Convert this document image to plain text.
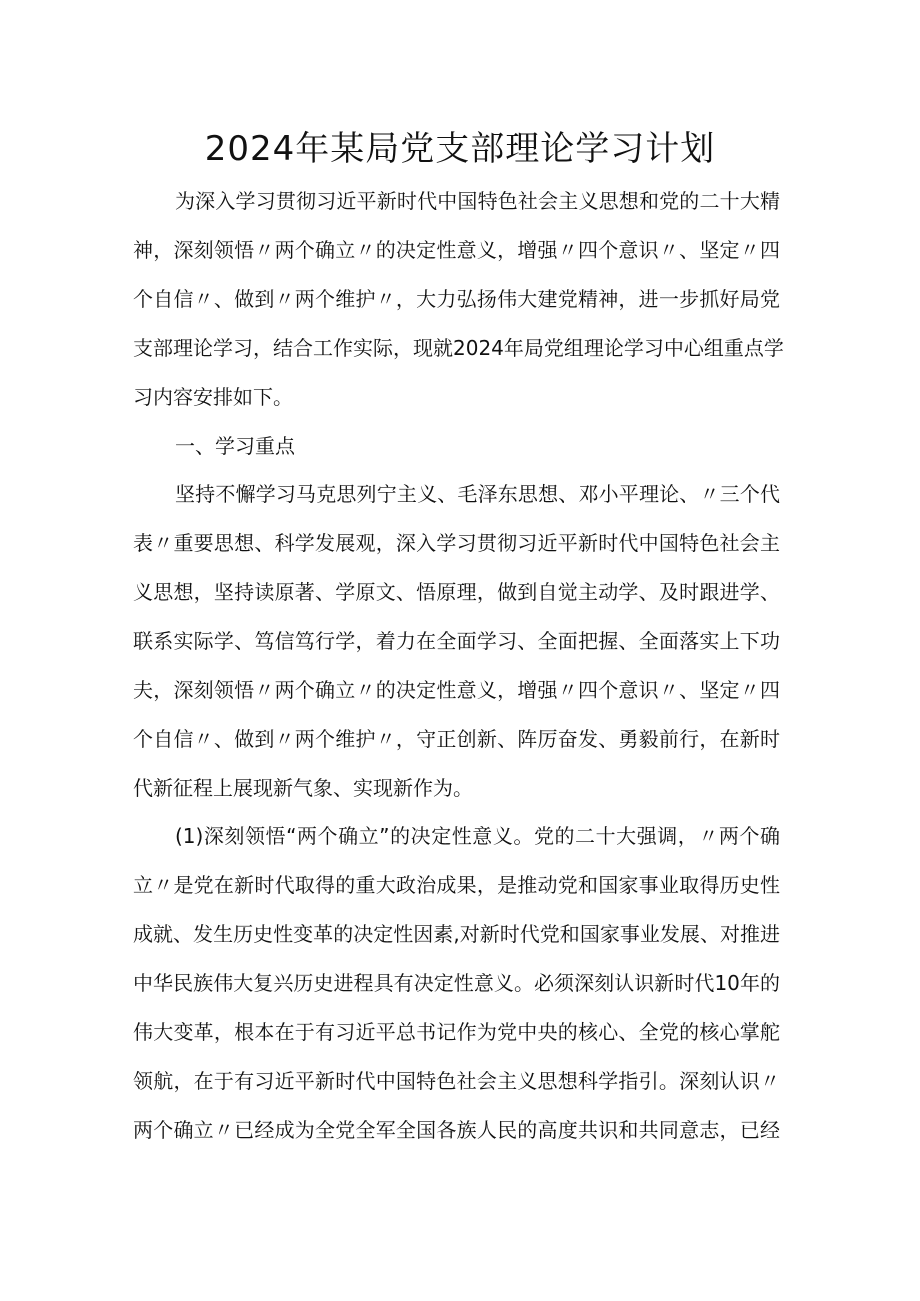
2024年某局党支部理论学习计划

为深入学习贯彻习近平新时代中国特色社会主义思想和党的二十大精

神，深刻领悟〃两个确立〃的决定性意义，增强〃四个意识〃、坚定〃四

个自信〃、做到〃两个维护〃，大力弘扬伟大建党精神，进一步抓好局党

支部理论学习，结合工作实际，现就2024年局党组理论学习中心组重点学

习内容安排如下。

一、学习重点

坚持不懈学习马克思列宁主义、毛泽东思想、邓小平理论、〃三个代

表〃重要思想、科学发展观，深入学习贯彻习近平新时代中国特色社会主

义思想，坚持读原著、学原文、悟原理，做到自觉主动学、及时跟进学、

联系实际学、笃信笃行学，着力在全面学习、全面把握、全面落实上下功

夫，深刻领悟〃两个确立〃的决定性意义，增强〃四个意识〃、坚定〃四

个自信〃、做到〃两个维护〃，守正创新、阵厉奋发、勇毅前行，在新时

代新征程上展现新气象、实现新作为。

(1)深刻领悟“两个确立”的决定性意义。党的二十大强调，〃两个确

立〃是党在新时代取得的重大政治成果，是推动党和国家事业取得历史性

成就、发生历史性变革的决定性因素,对新时代党和国家事业发展、对推进

中华民族伟大复兴历史进程具有决定性意义。必须深刻认识新时代10年的

伟大变革，根本在于有习近平总书记作为党中央的核心、全党的核心掌舵

领航，在于有习近平新时代中国特色社会主义思想科学指引。深刻认识〃

两个确立〃已经成为全党全军全国各族人民的高度共识和共同意志，已经
